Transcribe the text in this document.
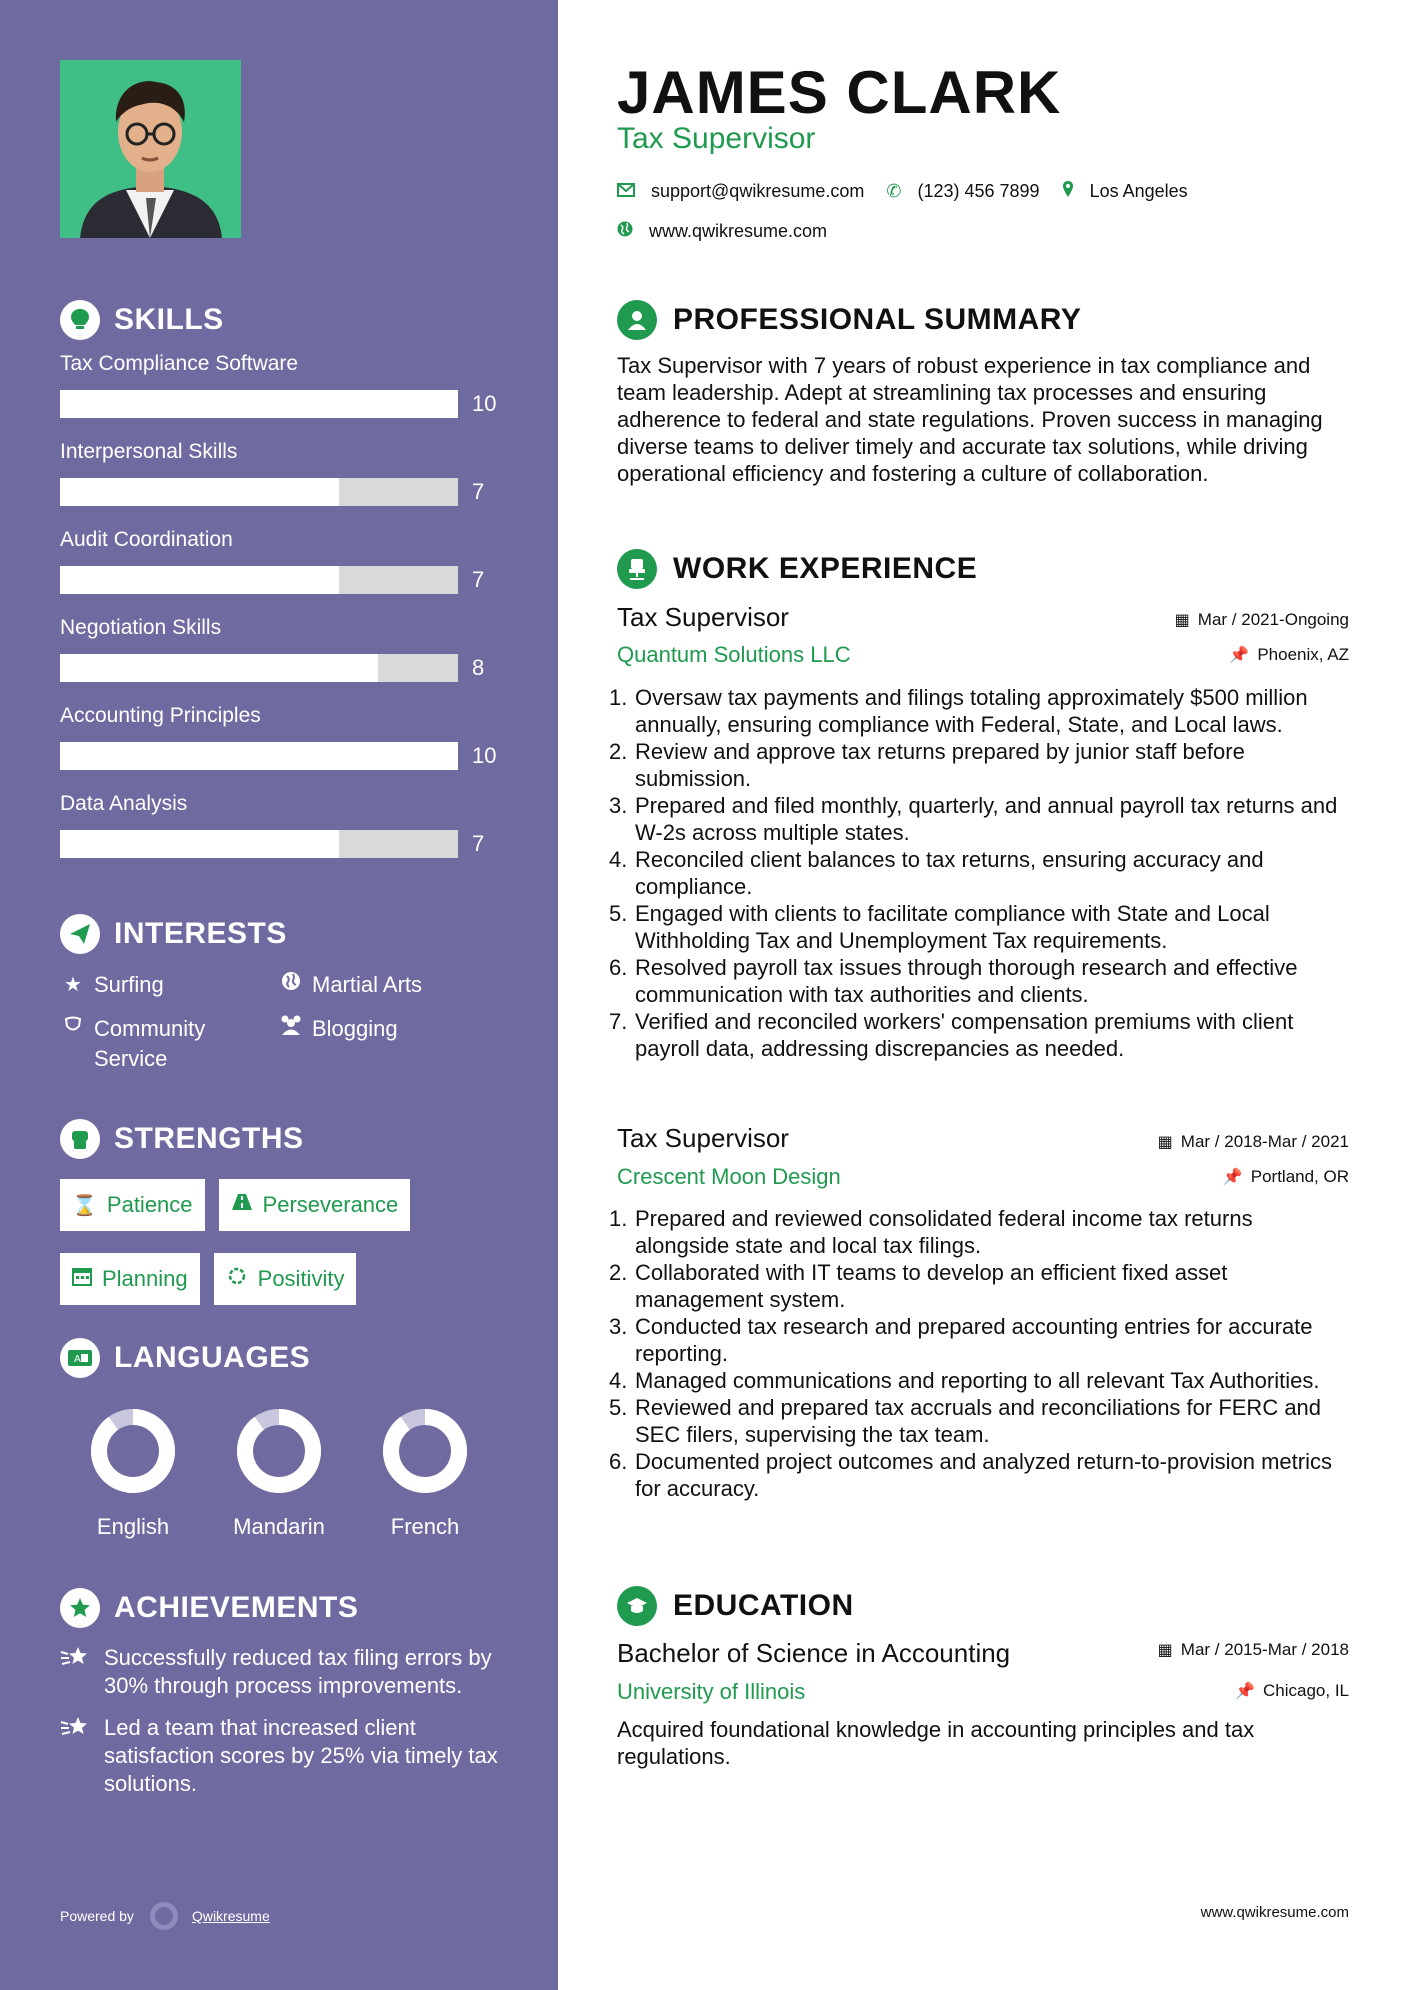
SKILLS
Tax Compliance Software
10
Interpersonal Skills
7
Audit Coordination
7
Negotiation Skills
8
Accounting Principles
10
Data Analysis
7
INTERESTS
★ Surfing	Martial Arts
Community Service
Blogging
STRENGTHS
⌛ Patience	Perseverance
Planning	Positivity
A LANGUAGES
English	Mandarin	French
ACHIEVEMENTS
Successfully reduced tax filing errors by 30% through process improvements.
Led a team that increased client satisfaction scores by 25% via timely tax solutions.
Powered by	Qwikresume
JAMES CLARK
Tax Supervisor
support@qwikresume.com ✆ (123) 456 7899	Los Angeles
www.qwikresume.com
PROFESSIONAL SUMMARY
Tax Supervisor with 7 years of robust experience in tax compliance and team leadership. Adept at streamlining tax processes and ensuring adherence to federal and state regulations. Proven success in managing diverse teams to deliver timely and accurate tax solutions, while driving operational efficiency and fostering a culture of collaboration.
WORK EXPERIENCE
Tax Supervisor	▦ Mar / 2021-Ongoing
Quantum Solutions LLC	📌 Phoenix, AZ
Oversaw tax payments and filings totaling approximately $500 million annually, ensuring compliance with Federal, State, and Local laws.
Review and approve tax returns prepared by junior staff before submission.
Prepared and filed monthly, quarterly, and annual payroll tax returns and W-2s across multiple states.
Reconciled client balances to tax returns, ensuring accuracy and compliance.
Engaged with clients to facilitate compliance with State and Local Withholding Tax and Unemployment Tax requirements.
Resolved payroll tax issues through thorough research and effective communication with tax authorities and clients.
Verified and reconciled workers' compensation premiums with client payroll data, addressing discrepancies as needed.
Tax Supervisor	▦ Mar / 2018-Mar / 2021
Crescent Moon Design	📌 Portland, OR
Prepared and reviewed consolidated federal income tax returns alongside state and local tax filings.
Collaborated with IT teams to develop an efficient fixed asset management system.
Conducted tax research and prepared accounting entries for accurate reporting.
Managed communications and reporting to all relevant Tax Authorities.
Reviewed and prepared tax accruals and reconciliations for FERC and SEC filers, supervising the tax team.
Documented project outcomes and analyzed return-to-provision metrics for accuracy.
EDUCATION
Bachelor of Science in Accounting	▦ Mar / 2015-Mar / 2018
University of Illinois	📌 Chicago, IL
Acquired foundational knowledge in accounting principles and tax regulations.
www.qwikresume.com
